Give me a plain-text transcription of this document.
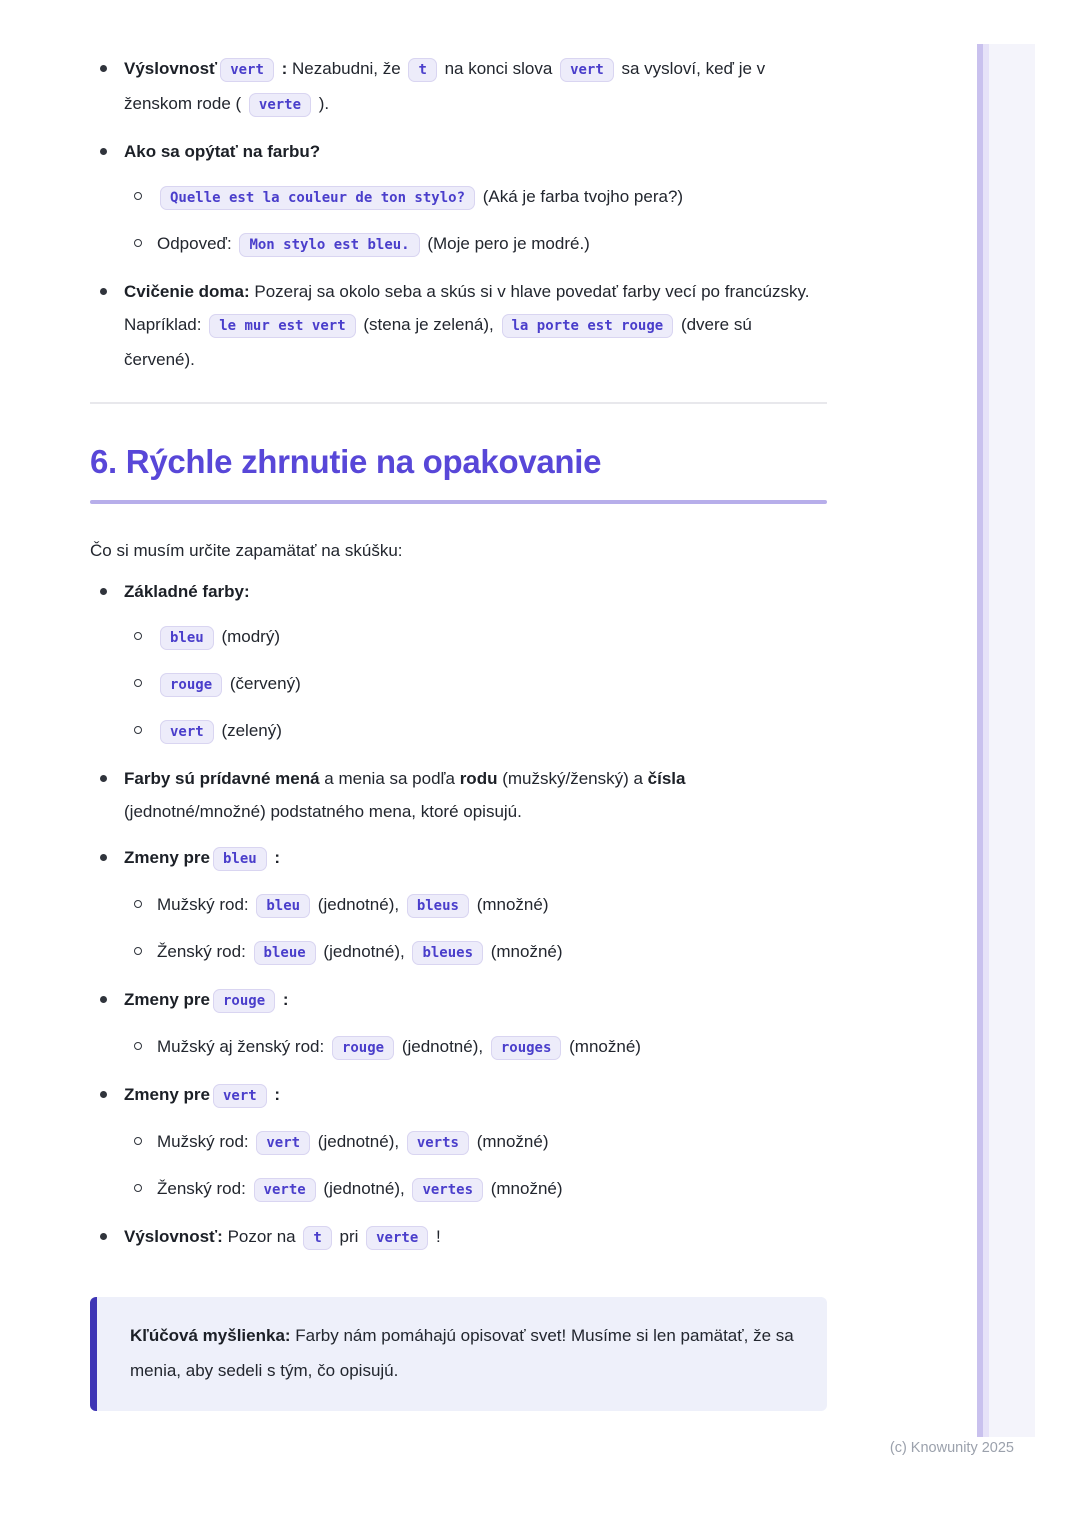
Výslovnosť vert : Nezabudni, že t na konci slova vert sa vysloví, keď je v ženskom rode ( verte ).
Ako sa opýtať na farbu?
Quelle est la couleur de ton stylo? (Aká je farba tvojho pera?)
Odpoveď: Mon stylo est bleu. (Moje pero je modré.)
Cvičenie doma: Pozeraj sa okolo seba a skús si v hlave povedať farby vecí po francúzsky. Napríklad: le mur est vert (stena je zelená), la porte est rouge (dvere sú červené).
6. Rýchle zhrnutie na opakovanie

Čo si musím určite zapamätať na skúšku:

Základné farby:
bleu (modrý)
rouge (červený)
vert (zelený)
Farby sú prídavné mená a menia sa podľa rodu (mužský/ženský) a čísla (jednotné/množné) podstatného mena, ktoré opisujú.
Zmeny pre bleu :
Mužský rod: bleu (jednotné), bleus (množné)
Ženský rod: bleue (jednotné), bleues (množné)
Zmeny pre rouge :
Mužský aj ženský rod: rouge (jednotné), rouges (množné)
Zmeny pre vert :
Mužský rod: vert (jednotné), verts (množné)
Ženský rod: verte (jednotné), vertes (množné)
Výslovnosť: Pozor na t pri verte !

Kľúčová myšlienka: Farby nám pomáhajú opisovať svet! Musíme si len pamätať, že sa menia, aby sedeli s tým, čo opisujú.

(c) Knowunity 2025
